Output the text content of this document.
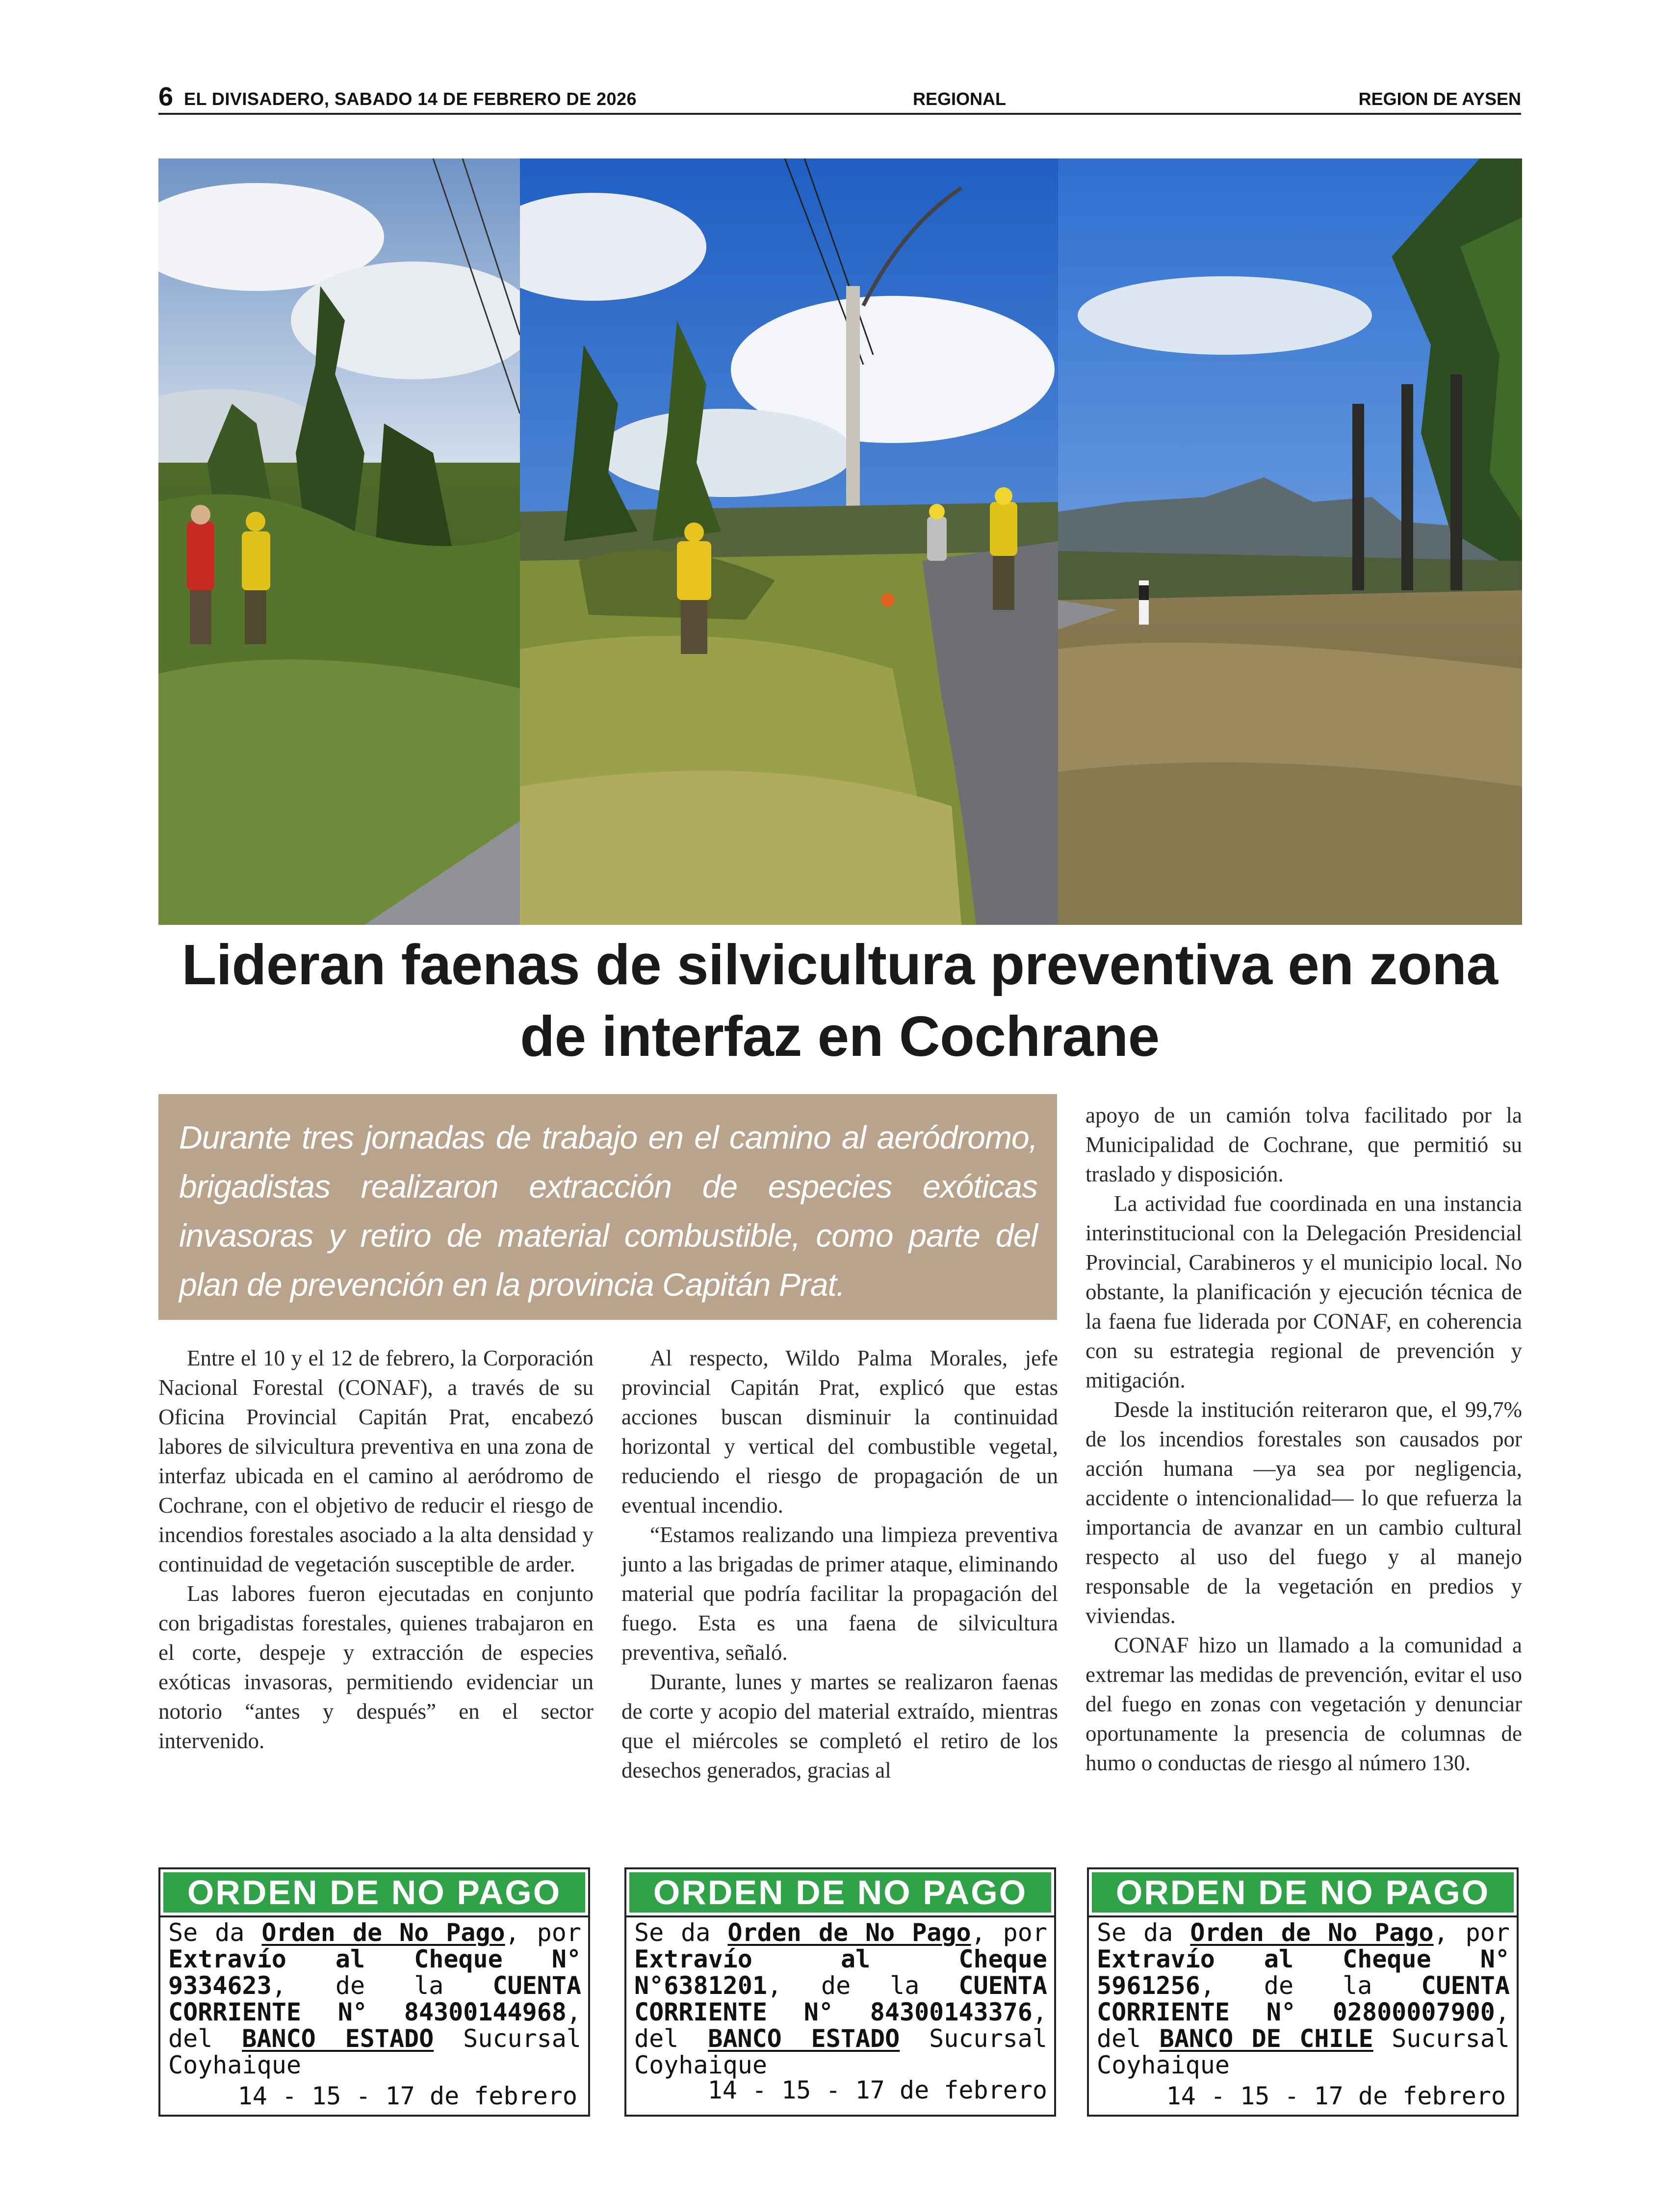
6 EL DIVISADERO, SABADO 14 DE FEBRERO DE 2026	REGIONAL	REGION DE AYSEN
Lideran faenas de silvicultura preventiva en zona
de interfaz en Cochrane

Durante tres jornadas de trabajo en el camino al aeródromo, brigadistas realizaron extracción de especies exóticas invasoras y retiro de material combustible, como parte del plan de prevención en la provincia Capitán Prat.

Entre el 10 y el 12 de febrero, la Corporación Nacional Forestal (CONAF), a través de su Oficina Provincial Capitán Prat, encabezó labores de silvicultura preventiva en una zona de interfaz ubicada en el camino al aeródromo de Cochrane, con el objetivo de reducir el riesgo de incendios forestales asociado a la alta densidad y continuidad de vegetación susceptible de arder.

Las labores fueron ejecutadas en conjunto con brigadistas forestales, quienes trabajaron en el corte, despeje y extracción de especies exóticas invasoras, permitiendo evidenciar un notorio “antes y después” en el sector intervenido.

Al respecto, Wildo Palma Morales, jefe provincial Capitán Prat, explicó que estas acciones buscan disminuir la continuidad horizontal y vertical del combustible vegetal, reduciendo el riesgo de propagación de un eventual incendio.

“Estamos realizando una limpieza preventiva junto a las brigadas de primer ataque, eliminando material que podría facilitar la propagación del fuego. Esta es una faena de silvicultura preventiva, señaló.

Durante, lunes y martes se realizaron faenas de corte y acopio del material extraído, mientras que el miércoles se completó el retiro de los desechos generados, gracias al

apoyo de un camión tolva facilitado por la Municipalidad de Cochrane, que permitió su traslado y disposición.

La actividad fue coordinada en una instancia interinstitucional con la Delegación Presidencial Provincial, Carabineros y el municipio local. No obstante, la planificación y ejecución técnica de la faena fue liderada por CONAF, en coherencia con su estrategia regional de prevención y mitigación.

Desde la institución reiteraron que, el 99,7% de los incendios forestales son causados por acción humana —ya sea por negligencia, accidente o intencionalidad— lo que refuerza la importancia de avanzar en un cambio cultural respecto al uso del fuego y al manejo responsable de la vegetación en predios y viviendas.

CONAF hizo un llamado a la comunidad a extremar las medidas de prevención, evitar el uso del fuego en zonas con vegetación y denunciar oportunamente la presencia de columnas de humo o conductas de riesgo al número 130.

ORDEN DE NO PAGO
Se da Orden de No Pago, por Extravío al Cheque N° 9334623, de la CUENTA CORRIENTE N° 84300144968, del BANCO ESTADO Sucursal Coyhaique
14 - 15 - 17 de febrero
ORDEN DE NO PAGO
Se da Orden de No Pago, por Extravío al Cheque N°6381201, de la CUENTA CORRIENTE N° 84300143376, del BANCO ESTADO Sucursal Coyhaique
14 - 15 - 17 de febrero
ORDEN DE NO PAGO
Se da Orden de No Pago, por Extravío al Cheque N° 5961256, de la CUENTA CORRIENTE N° 02800007900, del BANCO DE CHILE Sucursal Coyhaique
14 - 15 - 17 de febrero
